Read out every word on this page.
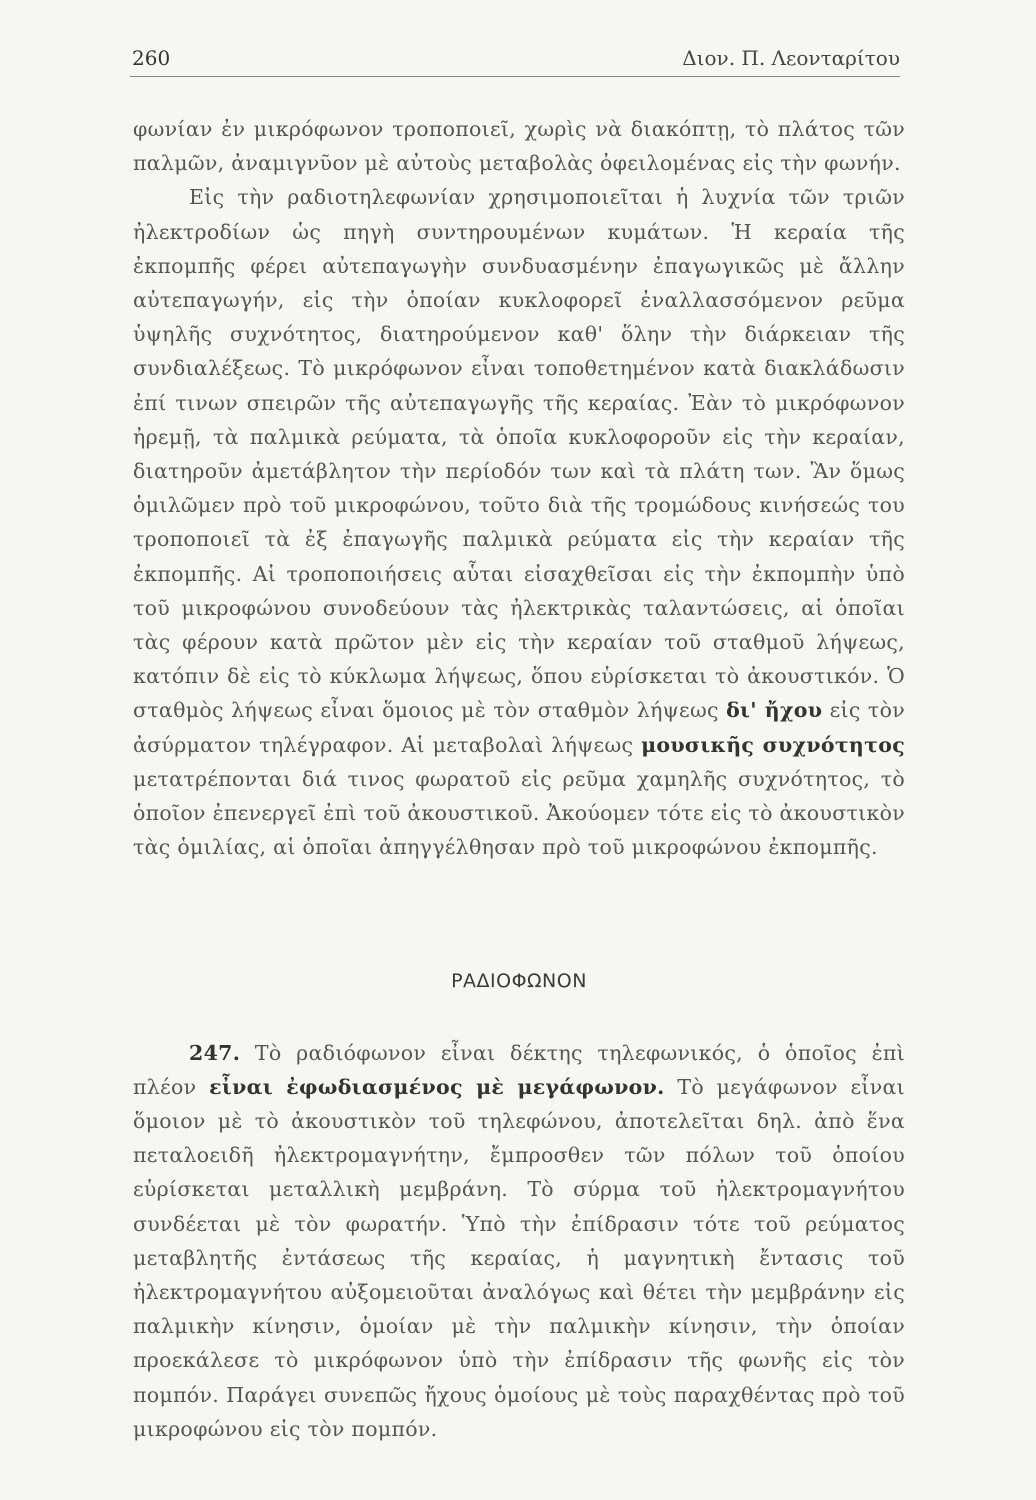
260	Διον. Π. Λεονταρίτου

φωνίαν ἐν μικρόφωνον τροποποιεῖ, χωρὶς νὰ διακόπτῃ, τὸ πλάτος τῶν παλμῶν, ἀναμιγνῦον μὲ αὐτοὺς μεταβολὰς ὀφειλομένας εἰς τὴν φωνήν.

Εἰς τὴν ραδιοτηλεφωνίαν χρησιμοποιεῖται ἡ λυχνία τῶν τριῶν ἠλεκτροδίων ὡς πηγὴ συντηρουμένων κυμάτων. Ἡ κεραία τῆς ἐκπομπῆς φέρει αὐτεπαγωγὴν συνδυασμένην ἐπαγωγικῶς μὲ ἄλλην αὐτεπαγωγήν, εἰς τὴν ὁποίαν κυκλοφορεῖ ἐναλλασσόμενον ρεῦμα ὑψηλῆς συχνότητος, διατηρούμενον καθ' ὅλην τὴν διάρκειαν τῆς συνδιαλέξεως. Τὸ μικρόφωνον εἶναι τοποθετημένον κατὰ διακλάδωσιν ἐπί τινων σπειρῶν τῆς αὐτεπαγωγῆς τῆς κεραίας. Ἐὰν τὸ μικρόφωνον ἠρεμῇ, τὰ παλμικὰ ρεύματα, τὰ ὁποῖα κυκλοφοροῦν εἰς τὴν κεραίαν, διατηροῦν ἀμετάβλητον τὴν περίοδόν των καὶ τὰ πλάτη των. Ἂν ὅμως ὁμιλῶμεν πρὸ τοῦ μικροφώνου, τοῦτο διὰ τῆς τρομώδους κινήσεώς του τροποποιεῖ τὰ ἐξ ἐπαγωγῆς παλμικὰ ρεύματα εἰς τὴν κεραίαν τῆς ἐκπομπῆς. Αἱ τροποποιήσεις αὗται εἰσαχθεῖσαι εἰς τὴν ἐκπομπὴν ὑπὸ τοῦ μικροφώνου συνοδεύουν τὰς ἠλεκτρικὰς ταλαντώσεις, αἱ ὁποῖαι τὰς φέρουν κατὰ πρῶτον μὲν εἰς τὴν κεραίαν τοῦ σταθμοῦ λήψεως, κατόπιν δὲ εἰς τὸ κύκλωμα λήψεως, ὅπου εὑρίσκεται τὸ ἀκουστικόν. Ὁ σταθμὸς λήψεως εἶναι ὅμοιος μὲ τὸν σταθμὸν λήψεως δι' ἤχου εἰς τὸν ἀσύρματον τηλέγραφον. Αἱ μεταβολαὶ λήψεως μουσικῆς συχνότητος μετατρέπονται διά τινος φωρατοῦ εἰς ρεῦμα χαμηλῆς συχνότητος, τὸ ὁποῖον ἐπενεργεῖ ἐπὶ τοῦ ἀκουστικοῦ. Ἀκούομεν τότε εἰς τὸ ἀκουστικὸν τὰς ὁμιλίας, αἱ ὁποῖαι ἀπηγγέλθησαν πρὸ τοῦ μικροφώνου ἐκπομπῆς.

ΡΑΔΙΟΦΩΝΟΝ

247. Τὸ ραδιόφωνον εἶναι δέκτης τηλεφωνικός, ὁ ὁποῖος ἐπὶ πλέον εἶναι ἐφωδιασμένος μὲ μεγάφωνον. Τὸ μεγάφωνον εἶναι ὅμοιον μὲ τὸ ἀκουστικὸν τοῦ τηλεφώνου, ἀποτελεῖται δηλ. ἀπὸ ἕνα πεταλοειδῆ ἠλεκτρομαγνήτην, ἔμπροσθεν τῶν πόλων τοῦ ὁποίου εὑρίσκεται μεταλλικὴ μεμβράνη. Τὸ σύρμα τοῦ ἠλεκτρομαγνήτου συνδέεται μὲ τὸν φωρατήν. Ὑπὸ τὴν ἐπίδρασιν τότε τοῦ ρεύματος μεταβλητῆς ἐντάσεως τῆς κεραίας, ἡ μαγνητικὴ ἔντασις τοῦ ἠλεκτρομαγνήτου αὐξομειοῦται ἀναλόγως καὶ θέτει τὴν μεμβράνην εἰς παλμικὴν κίνησιν, ὁμοίαν μὲ τὴν παλμικὴν κίνησιν, τὴν ὁποίαν προεκάλεσε τὸ μικρόφωνον ὑπὸ τὴν ἐπίδρασιν τῆς φωνῆς εἰς τὸν πομπόν. Παράγει συνεπῶς ἤχους ὁμοίους μὲ τοὺς παραχθέντας πρὸ τοῦ μικροφώνου εἰς τὸν πομπόν.
